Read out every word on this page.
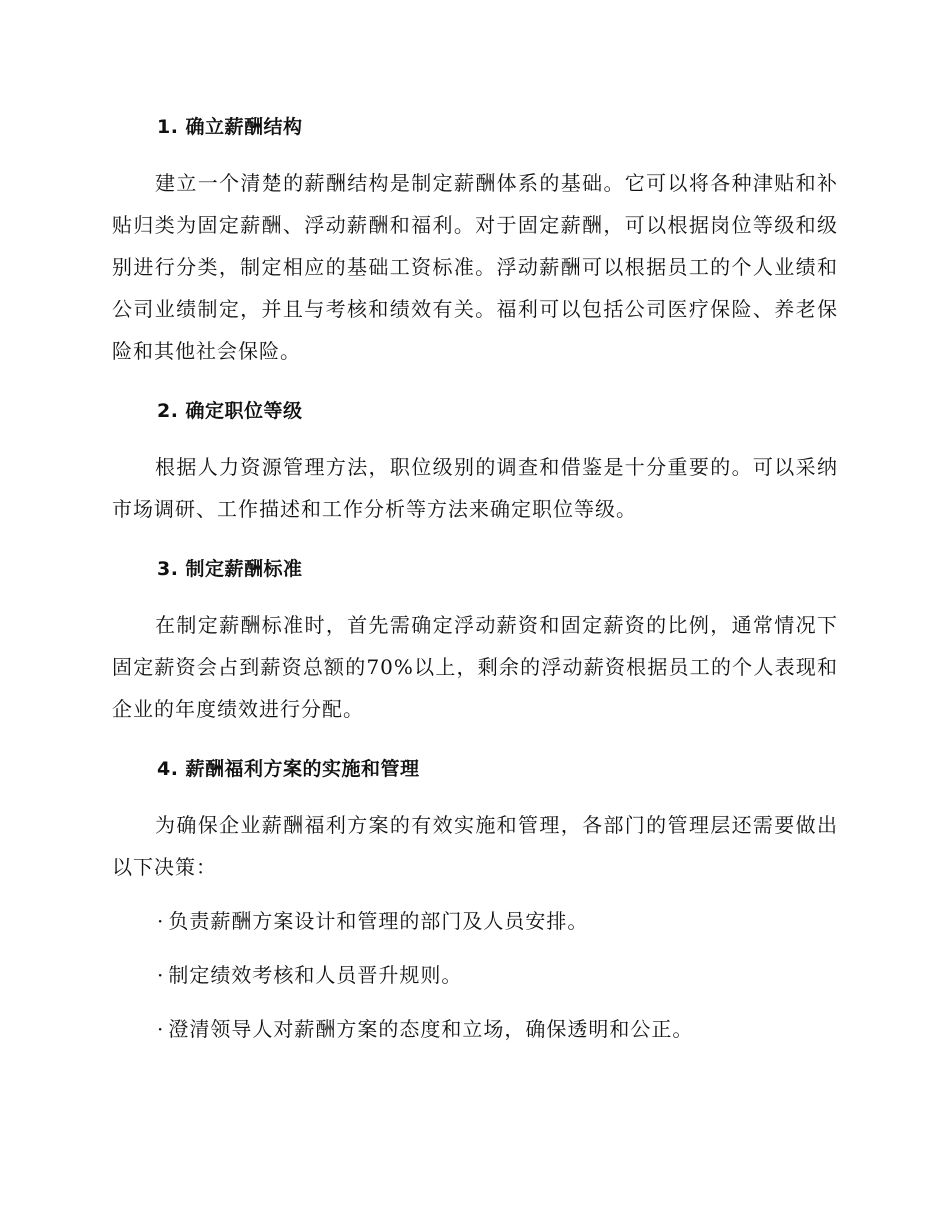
1. 确立薪酬结构

建立一个清楚的薪酬结构是制定薪酬体系的基础。它可以将各种津贴和补贴归类为固定薪酬、浮动薪酬和福利。对于固定薪酬，可以根据岗位等级和级别进行分类，制定相应的基础工资标准。浮动薪酬可以根据员工的个人业绩和公司业绩制定，并且与考核和绩效有关。福利可以包括公司医疗保险、养老保险和其他社会保险。

2. 确定职位等级

根据人力资源管理方法，职位级别的调查和借鉴是十分重要的。可以采纳市场调研、工作描述和工作分析等方法来确定职位等级。

3. 制定薪酬标准

在制定薪酬标准时，首先需确定浮动薪资和固定薪资的比例，通常情况下固定薪资会占到薪资总额的70%以上，剩余的浮动薪资根据员工的个人表现和企业的年度绩效进行分配。

4. 薪酬福利方案的实施和管理

为确保企业薪酬福利方案的有效实施和管理，各部门的管理层还需要做出以下决策：

· 负责薪酬方案设计和管理的部门及人员安排。

· 制定绩效考核和人员晋升规则。

· 澄清领导人对薪酬方案的态度和立场，确保透明和公正。
